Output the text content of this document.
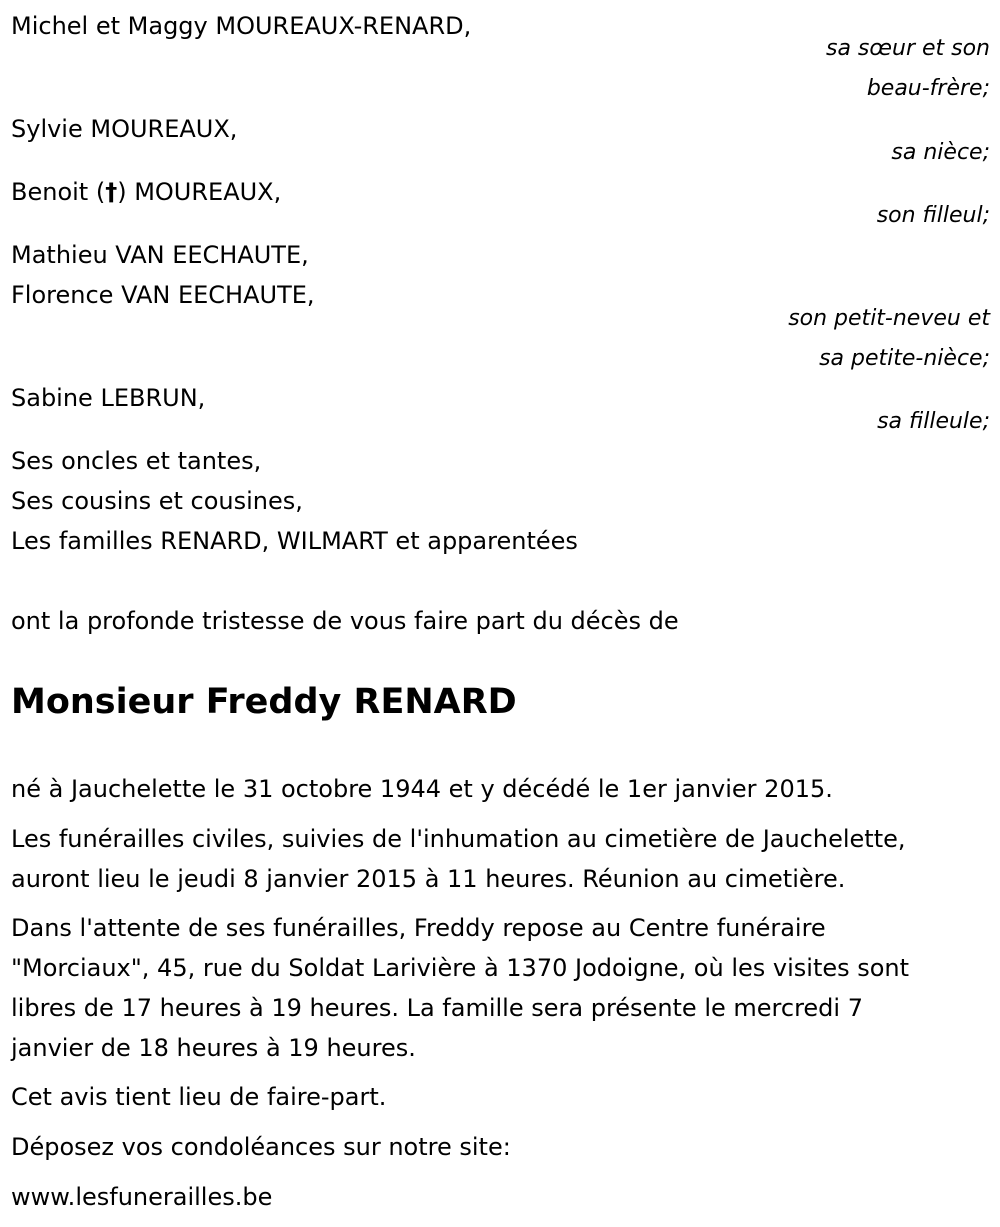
Michel et Maggy MOUREAUX-RENARD,
sa sœur et son
beau-frère;
Sylvie MOUREAUX,
sa nièce;
Benoit (†) MOUREAUX,
son filleul;
Mathieu VAN EECHAUTE,
Florence VAN EECHAUTE,
son petit-neveu et
sa petite-nièce;
Sabine LEBRUN,
sa filleule;
Ses oncles et tantes,
Ses cousins et cousines,
Les familles RENARD, WILMART et apparentées
ont la profonde tristesse de vous faire part du décès de
Monsieur Freddy RENARD
né à Jauchelette le 31 octobre 1944 et y décédé le 1er janvier 2015.
Les funérailles civiles, suivies de l'inhumation au cimetière de Jauchelette,
auront lieu le jeudi 8 janvier 2015 à 11 heures. Réunion au cimetière.
Dans l'attente de ses funérailles, Freddy repose au Centre funéraire
"Morciaux", 45, rue du Soldat Larivière à 1370 Jodoigne, où les visites sont
libres de 17 heures à 19 heures. La famille sera présente le mercredi 7
janvier de 18 heures à 19 heures.
Cet avis tient lieu de faire-part.
Déposez vos condoléances sur notre site:
www.lesfunerailles.be
